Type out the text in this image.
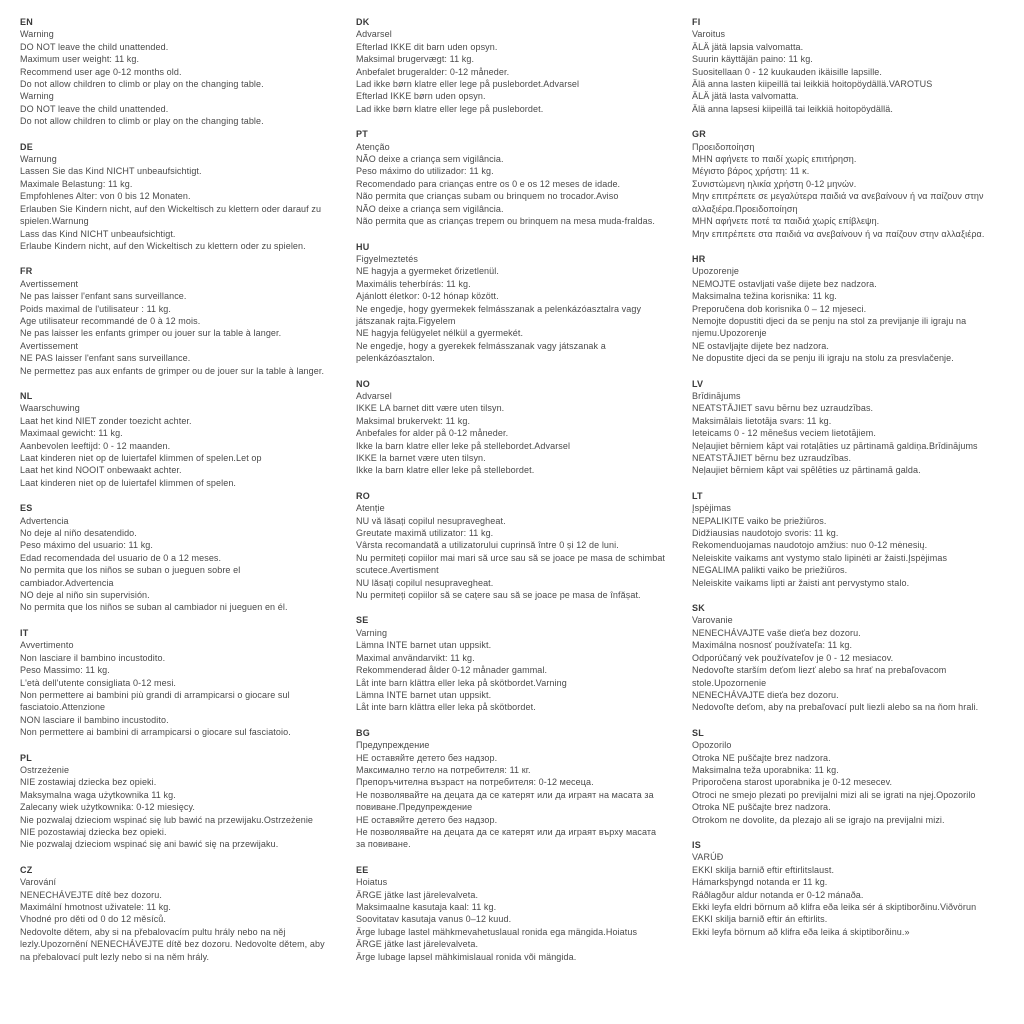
EN
Warning
DO NOT leave the child unattended.
Maximum user weight: 11 kg.
Recommend user age 0-12 months old.
Do not allow children to climb or play on the changing table.
Warning
DO NOT leave the child unattended.
Do not allow children to climb or play on the changing table.
DE
Warnung
Lassen Sie das Kind NICHT unbeaufsichtigt.
Maximale Belastung: 11 kg.
Empfohlenes Alter: von 0 bis 12 Monaten.
Erlauben Sie Kindern nicht, auf den Wickeltisch zu klettern oder darauf zu spielen.Warnung
Lass das Kind NICHT unbeaufsichtigt.
Erlaube Kindern nicht, auf den Wickeltisch zu klettern oder zu spielen.
FR
Avertissement
Ne pas laisser l'enfant sans surveillance.
Poids maximal de l'utilisateur : 11 kg.
Age utilisateur recommandé de 0 à 12 mois.
Ne pas laisser les enfants grimper ou jouer sur la table à langer.
Avertissement
NE PAS laisser l'enfant sans surveillance.
Ne permettez pas aux enfants de grimper ou de jouer sur la table à langer.
NL
Waarschuwing
Laat het kind NIET zonder toezicht achter.
Maximaal gewicht: 11 kg.
Aanbevolen leeftijd: 0 - 12 maanden.
Laat kinderen niet op de luiertafel klimmen of spelen.Let op
Laat het kind NOOIT onbewaakt achter.
Laat kinderen niet op de luiertafel klimmen of spelen.
ES
Advertencia
No deje al niño desatendido.
Peso máximo del usuario: 11 kg.
Edad recomendada del usuario de 0 a 12 meses.
No permita que los niños se suban o jueguen sobre el cambiador.Advertencia
NO deje al niño sin supervisión.
No permita que los niños se suban al cambiador ni jueguen en él.
IT
Avvertimento
Non lasciare il bambino incustodito.
Peso Massimo: 11 kg.
L'età dell'utente consigliata 0-12 mesi.
Non permettere ai bambini più grandi di arrampicarsi o giocare sul fasciatoio.Attenzione
NON lasciare il bambino incustodito.
Non permettere ai bambini di arrampicarsi o giocare sul fasciatoio.
PL
Ostrzeżenie
NIE zostawiaj dziecka bez opieki.
Maksymalna waga użytkownika 11 kg.
Zalecany wiek użytkownika: 0-12 miesięcy.
Nie pozwalaj dzieciom wspinać się lub bawić na przewijaku.Ostrzeżenie
NIE pozostawiaj dziecka bez opieki.
Nie pozwalaj dzieciom wspinać się ani bawić się na przewijaku.
CZ
Varování
NENECHÁVEJTE dítě bez dozoru.
Maximální hmotnost uživatele: 11 kg.
Vhodné pro děti od 0 do 12 měsíců.
Nedovolte dětem, aby si na přebalovacím pultu hrály nebo na něj lezly.Upozornění NENECHÁVEJTE dítě bez dozoru. Nedovolte dětem, aby na přebalovací pult lezly nebo si na něm hrály.
DK
Advarsel
Efterlad IKKE dit barn uden opsyn.
Maksimal brugervægt: 11 kg.
Anbefalet brugeralder: 0-12 måneder.
Lad ikke børn klatre eller lege på puslebordet.Advarsel
Efterlad IKKE børn uden opsyn.
Lad ikke børn klatre eller lege på puslebordet.
PT
Atenção
NÃO deixe a criança sem vigilância.
Peso máximo do utilizador: 11 kg.
Recomendado para crianças entre os 0 e os 12 meses de idade.
Não permita que crianças subam ou brinquem no trocador.Aviso
NÃO deixe a criança sem vigilância.
Não permita que as crianças trepem ou brinquem na mesa muda-fraldas.
HU
Figyelmeztetés
NE hagyja a gyermeket őrizetlenül.
Maximális teherbírás: 11 kg.
Ajánlott életkor: 0-12 hónap között.
Ne engedje, hogy gyermekek felmásszanak a pelenkázóasztalra vagy játszanak rajta.Figyelem
NE hagyja felügyelet nélkül a gyermekét.
Ne engedje, hogy a gyerekek felmásszanak vagy játszanak a pelenkázóasztalon.
NO
Advarsel
IKKE LA barnet ditt være uten tilsyn.
Maksimal brukervekt: 11 kg.
Anbefales for alder på 0-12 måneder.
Ikke la barn klatre eller leke på stellebordet.Advarsel
IKKE la barnet være uten tilsyn.
Ikke la barn klatre eller leke på stellebordet.
RO
Atenție
NU vă lăsați copilul nesupravegheat.
Greutate maximă utilizator: 11 kg.
Vârsta recomandată a utilizatorului cuprinsă între 0 și 12 de luni.
Nu permiteți copiilor mai mari să urce sau să se joace pe masa de schimbat scutece.Avertisment
NU lăsați copilul nesupravegheat.
Nu permiteți copiilor să se cațere sau să se joace pe masa de înfășat.
SE
Varning
Lämna INTE barnet utan uppsikt.
Maximal användarvikt: 11 kg.
Rekommenderad ålder 0-12 månader gammal.
Låt inte barn klättra eller leka på skötbordet.Varning
Lämna INTE barnet utan uppsikt.
Låt inte barn klättra eller leka på skötbordet.
BG
Предупреждение
НЕ оставяйте детето без надзор.
Максимално тегло на потребителя: 11 кг.
Препоръчителна възраст на потребителя: 0-12 месеца.
Не позволявайте на децата да се катерят или да играят на масата за повиване.Предупреждение
НЕ оставяйте детето без надзор.
Не позволявайте на децата да се катерят или да играят върху масата за повиване.
EE
Hoiatus
ÄRGE jätke last järelevalveta.
Maksimaalne kasutaja kaal: 11 kg.
Soovitatav kasutaja vanus 0–12 kuud.
Ärge lubage lastel mähkmevahetuslaual ronida ega mängida.Hoiatus
ÄRGE jätke last järelevalveta.
Ärge lubage lapsel mähkimislaual ronida või mängida.
FI
Varoitus
ÄLÄ jätä lapsia valvomatta.
Suurin käyttäjän paino: 11 kg.
Suositellaan 0 - 12 kuukauden ikäisille lapsille.
Älä anna lasten kiipeillä tai leikkiä hoitopöydällä.VAROTUS
ÄLÄ jätä lasta valvomatta.
Älä anna lapsesi kiipeillä tai leikkiä hoitopöydällä.
GR
Προειδοποίηση
ΜΗΝ αφήνετε το παιδί χωρίς επιτήρηση.
Μέγιστο βάρος χρήστη: 11 κ.
Συνιστώμενη ηλικία χρήστη 0-12 μηνών.
Μην επιτρέπετε σε μεγαλύτερα παιδιά να ανεβαίνουν ή να παίζουν στην αλλαξιέρα.Προειδοποίηση
ΜΗΝ αφήνετε ποτέ τα παιδιά χωρίς επίβλεψη.
Μην επιτρέπετε στα παιδιά να ανεβαίνουν ή να παίζουν στην αλλαξιέρα.
HR
Upozorenje
NEMOJTE ostavljati vaše dijete bez nadzora.
Maksimalna težina korisnika: 11 kg.
Preporučena dob korisnika 0 – 12 mjeseci.
Nemojte dopustiti djeci da se penju na stol za previjanje ili igraju na njemu.Upozorenje
NE ostavljajte dijete bez nadzora.
Ne dopustite djeci da se penju ili igraju na stolu za presvlačenje.
LV
Brīdinājums
NEATSTĀJIET savu bērnu bez uzraudzības.
Maksimālais lietotāja svars: 11 kg.
Ieteicams 0 - 12 mēnešus veciem lietotājiem.
Neļaujiet bērniem kāpt vai rotaļāties uz pārtinamā galdiņa.Brīdinājums
NEATSTĀJIET bērnu bez uzraudzības.
Neļaujiet bērniem kāpt vai spēlēties uz pārtinamā galda.
LT
Įspėjimas
NEPALIKITE vaiko be priežiūros.
Didžiausias naudotojo svoris: 11 kg.
Rekomenduojamas naudotojo amžius: nuo 0-12 mėnesių.
Neleiskite vaikams ant vystymo stalo lipinėti ar žaisti.Įspėjimas
NEGALIMA palikti vaiko be priežiūros.
Neleiskite vaikams lipti ar žaisti ant pervystymo stalo.
SK
Varovanie
NENECHÁVAJTE vaše dieťa bez dozoru.
Maximálna nosnosť používateľa: 11 kg.
Odporúčaný vek používateľov je 0 - 12 mesiacov.
Nedovoľte starším deťom liezť alebo sa hrať na prebaľovacom stole.Upozornenie
NENECHÁVAJTE dieťa bez dozoru.
Nedovoľte deťom, aby na prebaľovací pult liezli alebo sa na ňom hrali.
SL
Opozorilo
Otroka NE puščajte brez nadzora.
Maksimalna teža uporabnika: 11 kg.
Priporočena starost uporabnika je 0-12 mesecev.
Otroci ne smejo plezati po previjalni mizi ali se igrati na njej.Opozorilo
Otroka NE puščajte brez nadzora.
Otrokom ne dovolite, da plezajo ali se igrajo na previjalni mizi.
IS
VARÚÐ
EKKI skilja barnið eftir eftirlitslaust.
Hámarksþyngd notanda er 11 kg.
Ráðlagður aldur notanda er 0-12 mánaða.
Ekki leyfa eldri börnum að klifra eða leika sér á skiptiborðinu.Viðvörun
EKKI skilja barnið eftir án eftirlits.
Ekki leyfa börnum að klifra eða leika á skiptiborðinu.»
